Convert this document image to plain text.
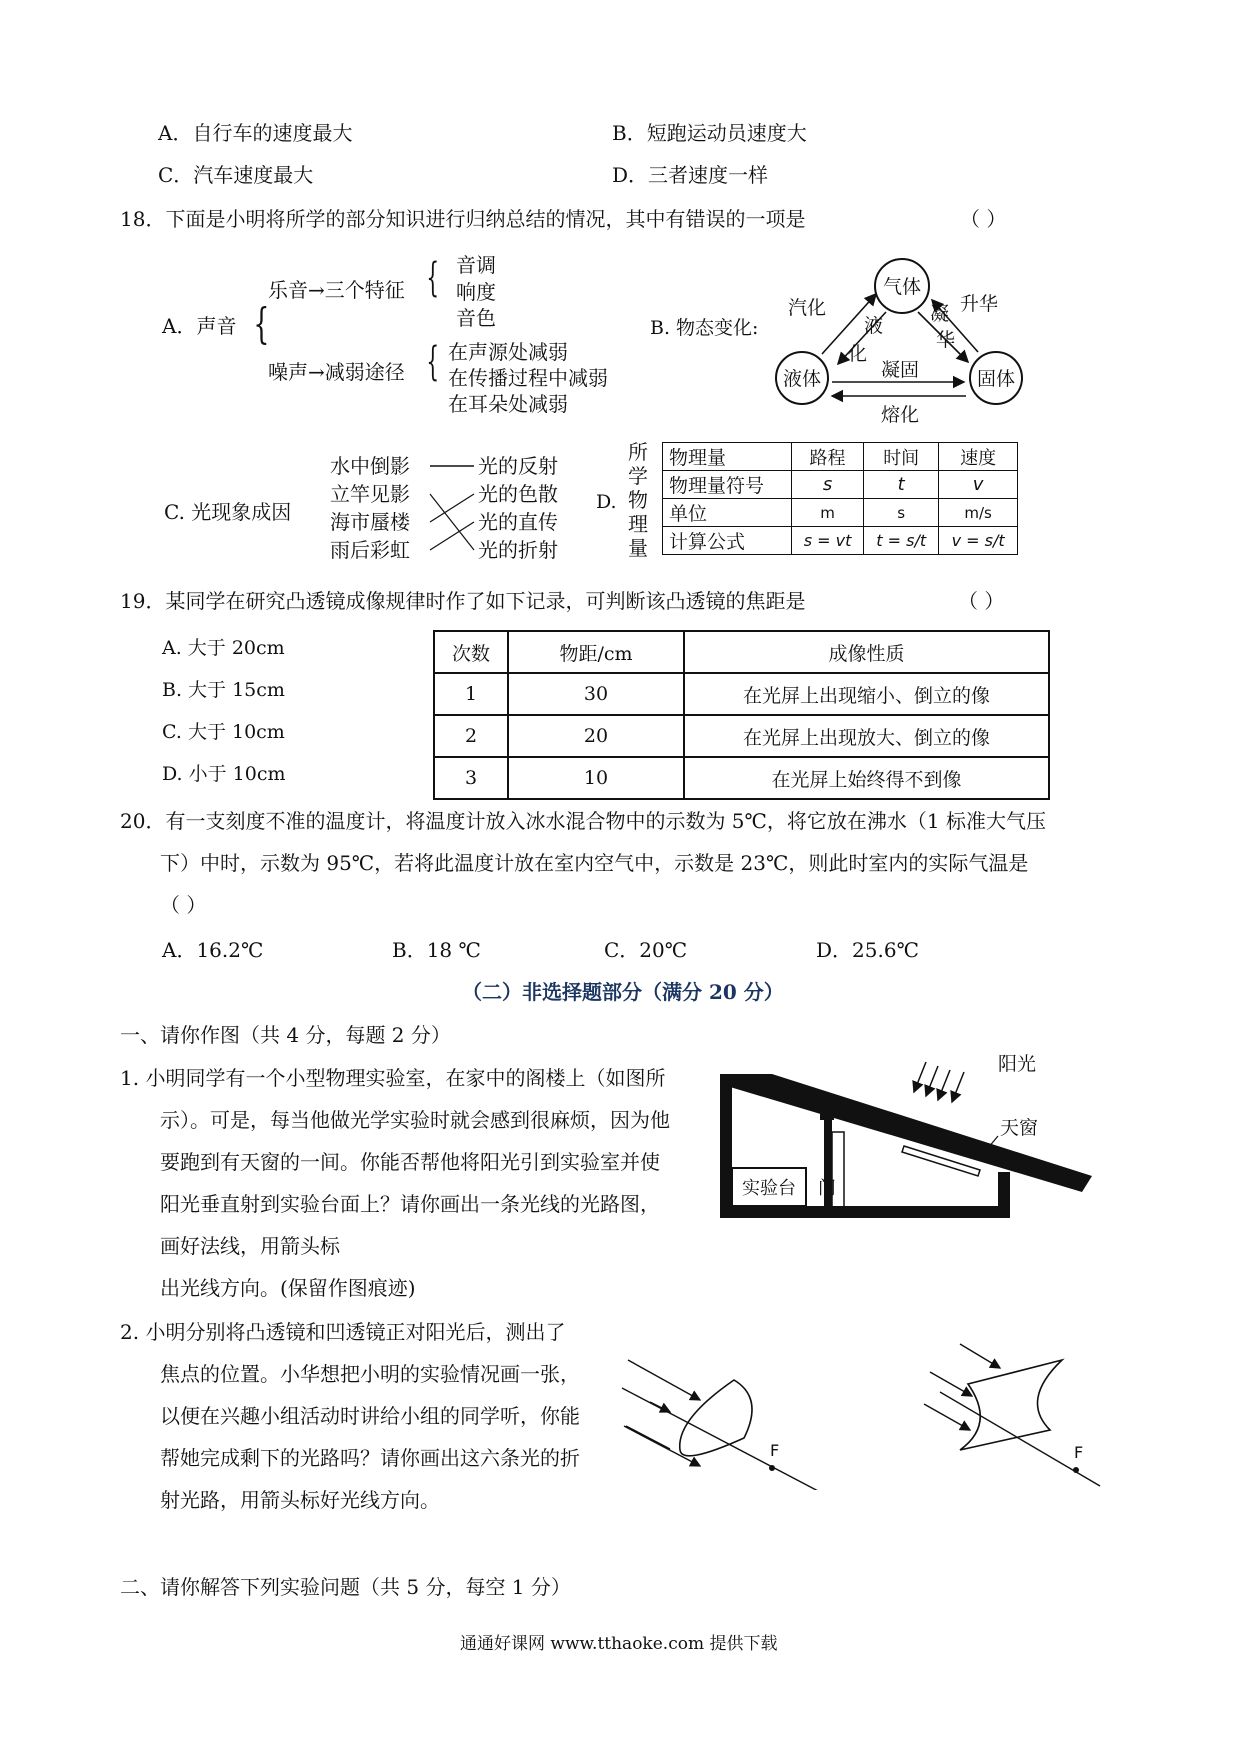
A．自行车的速度最大	B．短跑运动员速度大
C．汽车速度最大	D．三者速度一样
18．下面是小明将所学的部分知识进行归纳总结的情况，其中有错误的一项是	（ ）
A．声音 {
乐音→三个特征 { 音调
响度
音色
噪声→减弱途径 { 在声源处减弱
在传播过程中减弱
在耳朵处减弱
B. 物态变化:
气体
液体	固体
汽化
液
化
凝
华
升华
凝固
熔化
C. 光现象成因
水中倒影
立竿见影
海市蜃楼
雨后彩虹
光的反射
光的色散
光的直传
光的折射
D.
所
学
物
理
量
物理量	路程	时间	速度
物理量符号	s	t	v
单位	m	s	m/s
计算公式	s = vt	t = s/t	v = s/t
19．某同学在研究凸透镜成像规律时作了如下记录，可判断该凸透镜的焦距是	（ ）
A. 大于 20cm
B. 大于 15cm
C. 大于 10cm
D. 小于 10cm
次数	物距/cm	成像性质
1	30	在光屏上出现缩小、倒立的像
2	20	在光屏上出现放大、倒立的像
3	10	在光屏上始终得不到像
20．有一支刻度不准的温度计，将温度计放入冰水混合物中的示数为 5℃，将它放在沸水（1 标准大气压
下）中时，示数为 95℃，若将此温度计放在室内空气中，示数是 23℃，则此时室内的实际气温是
（ ）
A．16.2℃	B．18 ℃	C．20℃	D．25.6℃
（二）非选择题部分（满分 20 分）
一、请你作图（共 4 分，每题 2 分）
1. 小明同学有一个小型物理实验室，在家中的阁楼上（如图所
示）。可是，每当他做光学实验时就会感到很麻烦，因为他
要跑到有天窗的一间。你能否帮他将阳光引到实验室并使
阳光垂直射到实验台面上？请你画出一条光线的光路图，
画好法线，用箭头标
出光线方向。(保留作图痕迹)
实验台 门
阳光
天窗
2. 小明分别将凸透镜和凹透镜正对阳光后，测出了
焦点的位置。小华想把小明的实验情况画一张，
以便在兴趣小组活动时讲给小组的同学听，你能
帮她完成剩下的光路吗？请你画出这六条光的折
射光路，用箭头标好光线方向。
F	F
二、请你解答下列实验问题（共 5 分，每空 1 分）
通通好课网 www.tthaoke.com 提供下载
